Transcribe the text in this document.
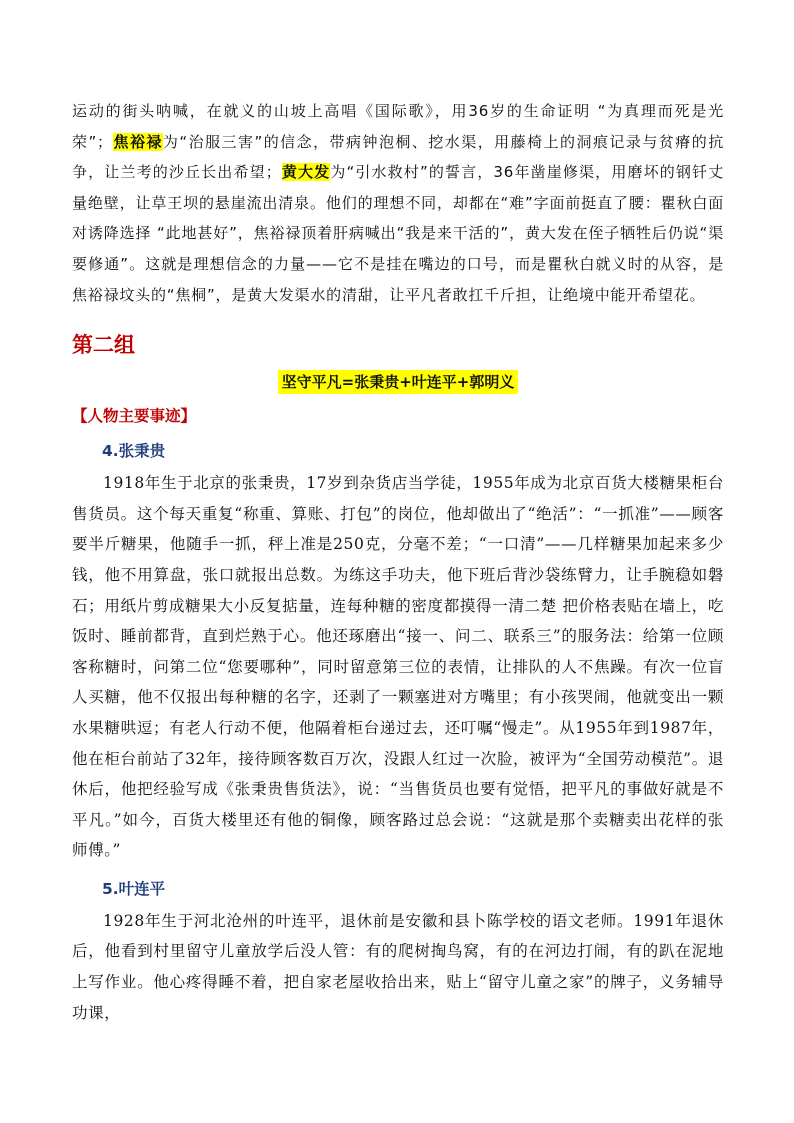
运动的街头呐喊，在就义的山坡上高唱《国际歌》，用36岁的生命证明 “为真理而死是光荣”；焦裕禄为“治服三害”的信念，带病钟泡桐、挖水渠，用藤椅上的洞痕记录与贫瘠的抗争，让兰考的沙丘长出希望；黄大发为“引水救村”的誓言，36年凿崖修渠，用磨坏的钢钎丈量绝壁，让草王坝的悬崖流出清泉。他们的理想不同，却都在“难”字面前挺直了腰：瞿秋白面对诱降选择 “此地甚好”，焦裕禄顶着肝病喊出“我是来干活的”，黄大发在侄子牺牲后仍说“渠要修通”。这就是理想信念的力量——它不是挂在嘴边的口号，而是瞿秋白就义时的从容，是焦裕禄坟头的“焦桐”，是黄大发渠水的清甜，让平凡者敢扛千斤担，让绝境中能开希望花。

第二组
坚守平凡=张秉贵+叶连平+郭明义
【人物主要事迹】
4.张秉贵

1918年生于北京的张秉贵，17岁到杂货店当学徒，1955年成为北京百货大楼糖果柜台售货员。这个每天重复“称重、算账、打包”的岗位，他却做出了“绝活”：“一抓准”——顾客要半斤糖果，他随手一抓，秤上准是250克，分毫不差；“一口清”——几样糖果加起来多少钱，他不用算盘，张口就报出总数。为练这手功夫，他下班后背沙袋练臂力，让手腕稳如磐石；用纸片剪成糖果大小反复掂量，连每种糖的密度都摸得一清二楚 把价格表贴在墙上，吃饭时、睡前都背，直到烂熟于心。他还琢磨出“接一、问二、联系三”的服务法：给第一位顾客称糖时，问第二位“您要哪种”，同时留意第三位的表情，让排队的人不焦躁。有次一位盲人买糖，他不仅报出每种糖的名字，还剥了一颗塞进对方嘴里；有小孩哭闹，他就变出一颗水果糖哄逗；有老人行动不便，他隔着柜台递过去，还叮嘱“慢走”。从1955年到1987年，他在柜台前站了32年，接待顾客数百万次，没跟人红过一次脸，被评为“全国劳动模范”。退休后，他把经验写成《张秉贵售货法》，说：“当售货员也要有觉悟，把平凡的事做好就是不平凡。”如今，百货大楼里还有他的铜像，顾客路过总会说：“这就是那个卖糖卖出花样的张师傅。”

5.叶连平

1928年生于河北沧州的叶连平，退休前是安徽和县卜陈学校的语文老师。1991年退休后，他看到村里留守儿童放学后没人管：有的爬树掏鸟窝，有的在河边打闹，有的趴在泥地上写作业。他心疼得睡不着，把自家老屋收拾出来，贴上“留守儿童之家”的牌子，义务辅导功课，
